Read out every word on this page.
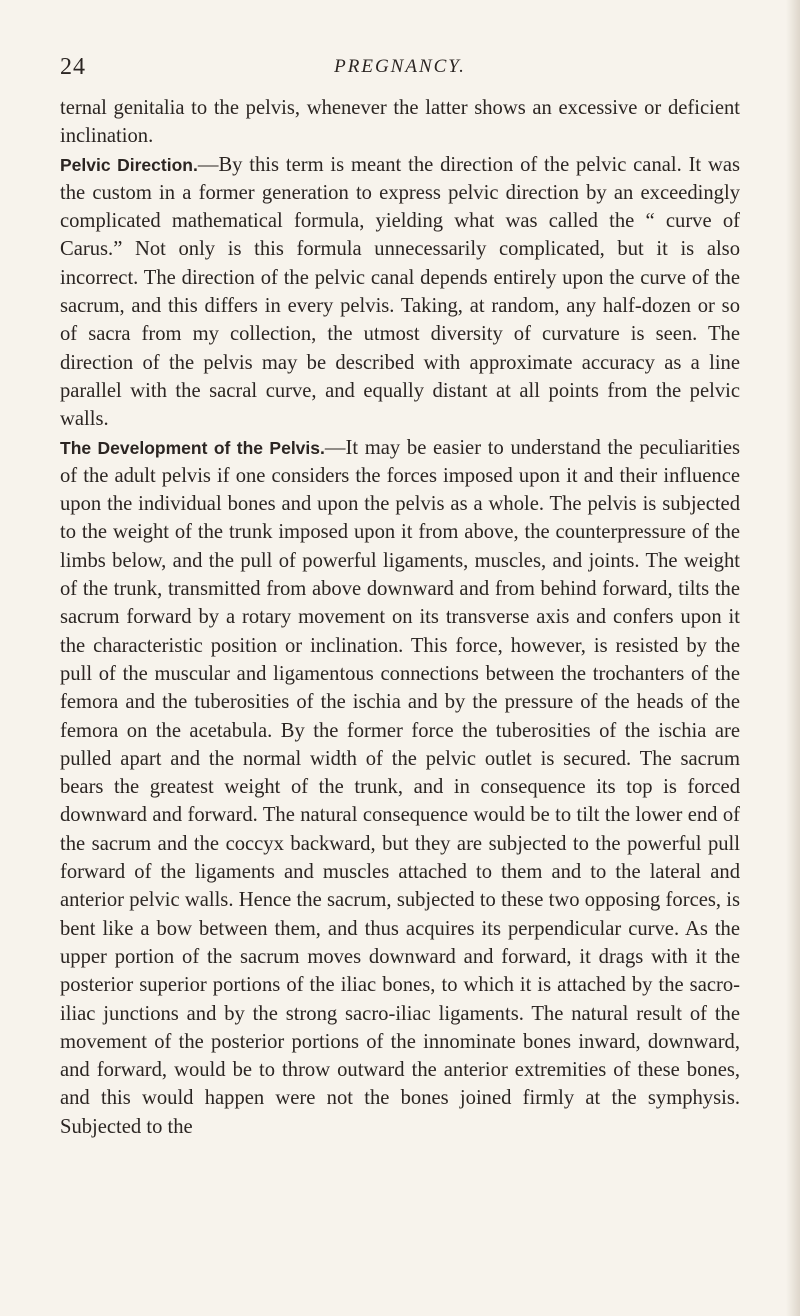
24	PREGNANCY.

ternal genitalia to the pelvis, whenever the latter shows an excessive or deficient inclination.

Pelvic Direction.—By this term is meant the direction of the pelvic canal. It was the custom in a former generation to express pelvic direction by an exceedingly complicated mathematical formula, yielding what was called the “ curve of Carus.” Not only is this formula unnecessarily complicated, but it is also incorrect. The direction of the pelvic canal depends entirely upon the curve of the sacrum, and this differs in every pelvis. Taking, at random, any half-dozen or so of sacra from my collection, the utmost diversity of curvature is seen. The direction of the pelvis may be described with approximate accuracy as a line parallel with the sacral curve, and equally distant at all points from the pelvic walls.

The Development of the Pelvis.—It may be easier to understand the peculiarities of the adult pelvis if one considers the forces imposed upon it and their influence upon the individual bones and upon the pelvis as a whole. The pelvis is subjected to the weight of the trunk imposed upon it from above, the counterpressure of the limbs below, and the pull of powerful ligaments, muscles, and joints. The weight of the trunk, transmitted from above downward and from behind forward, tilts the sacrum forward by a rotary movement on its transverse axis and confers upon it the characteristic position or inclination. This force, however, is resisted by the pull of the muscular and ligamentous connections between the trochanters of the femora and the tuberosities of the ischia and by the pressure of the heads of the femora on the acetabula. By the former force the tuberosities of the ischia are pulled apart and the normal width of the pelvic outlet is secured. The sacrum bears the greatest weight of the trunk, and in consequence its top is forced downward and forward. The natural consequence would be to tilt the lower end of the sacrum and the coccyx backward, but they are subjected to the powerful pull forward of the ligaments and muscles attached to them and to the lateral and anterior pelvic walls. Hence the sacrum, subjected to these two opposing forces, is bent like a bow between them, and thus acquires its perpendicular curve. As the upper portion of the sacrum moves downward and forward, it drags with it the posterior superior portions of the iliac bones, to which it is attached by the sacro-iliac junctions and by the strong sacro-iliac ligaments. The natural result of the movement of the posterior portions of the innominate bones inward, downward, and forward, would be to throw outward the anterior extremities of these bones, and this would happen were not the bones joined firmly at the symphysis. Subjected to the
